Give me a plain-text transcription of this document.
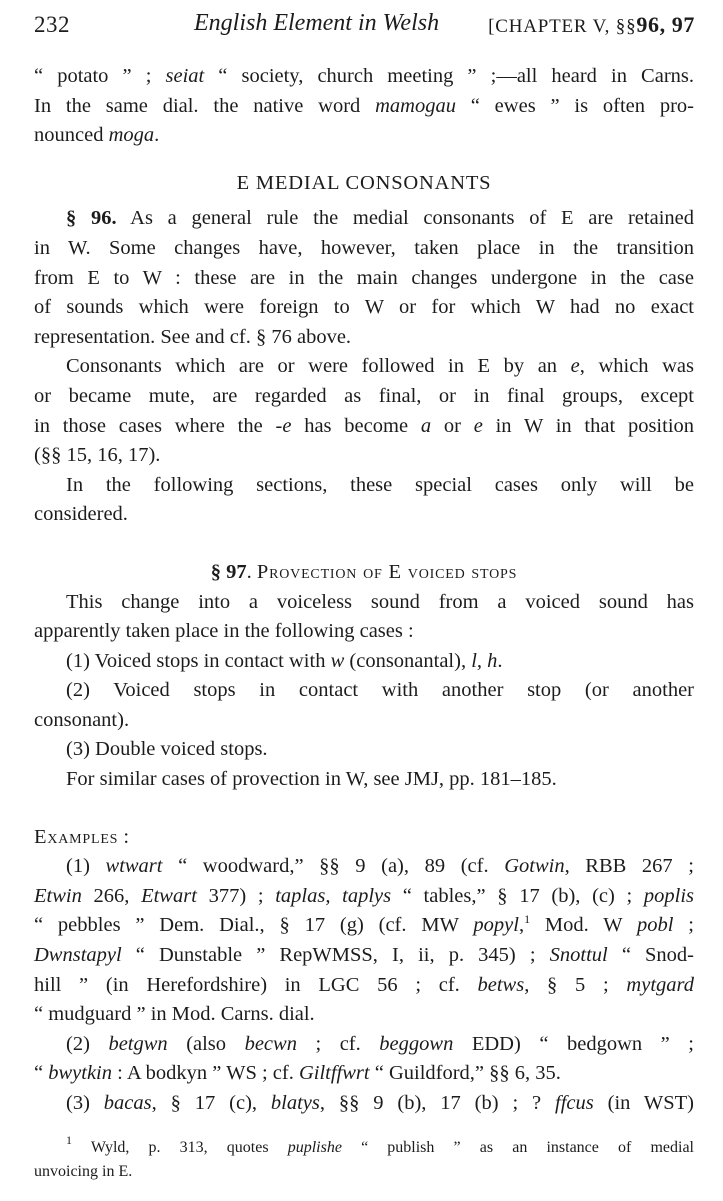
232	English Element in Welsh	[CHAPTER V, §§96, 97
“ potato ” ; seiat “ society, church meeting ” ;—all heard in Carns.
In the same dial. the native word mamogau “ ewes ” is often pro-
nounced moga.
E MEDIAL CONSONANTS
§ 96. As a general rule the medial consonants of E are retained
in W. Some changes have, however, taken place in the transition
from E to W : these are in the main changes undergone in the case
of sounds which were foreign to W or for which W had no exact
representation. See and cf. § 76 above.
Consonants which are or were followed in E by an e, which was
or became mute, are regarded as final, or in final groups, except
in those cases where the -e has become a or e in W in that position
(§§ 15, 16, 17).
In the following sections, these special cases only will be
considered.
§ 97. Provection of E voiced stops
This change into a voiceless sound from a voiced sound has
apparently taken place in the following cases :
(1) Voiced stops in contact with w (consonantal), l, h.
(2) Voiced stops in contact with another stop (or another
consonant).
(3) Double voiced stops.
For similar cases of provection in W, see JMJ, pp. 181–185.
Examples :
(1) wtwart “ woodward,” §§ 9 (a), 89 (cf. Gotwin, RBB 267 ;
Etwin 266, Etwart 377) ; taplas, taplys “ tables,” § 17 (b), (c) ; poplis
“ pebbles ” Dem. Dial., § 17 (g) (cf. MW popyl,$^1$ Mod. W pobl ;
Dwnstapyl “ Dunstable ” RepWMSS, I, ii, p. 345) ; Snottul “ Snod-
hill ” (in Herefordshire) in LGC 56 ; cf. betws, § 5 ; mytgard
“ mudguard ” in Mod. Carns. dial.
(2) betgwn (also becwn ; cf. beggown EDD) “ bedgown ” ;
“ bwytkin : A bodkyn ” WS ; cf. Giltffwrt “ Guildford,” §§ 6, 35.
(3) bacas, § 17 (c), blatys, §§ 9 (b), 17 (b) ; ? ffcus (in WST)
$^1$ Wyld, p. 313, quotes puplishe “ publish ” as an instance of medial
unvoicing in E.
